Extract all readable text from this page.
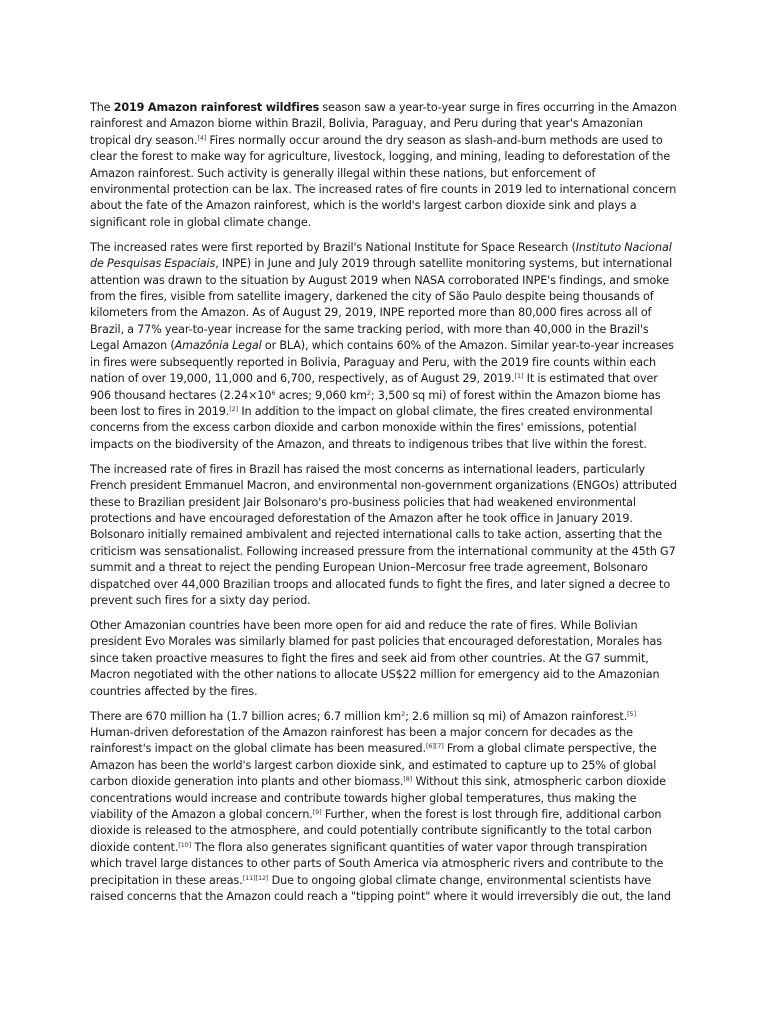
The 2019 Amazon rainforest wildfires season saw a year-to-year surge in fires occurring in the Amazon rainforest and Amazon biome within Brazil, Bolivia, Paraguay, and Peru during that year's Amazonian tropical dry season.[4] Fires normally occur around the dry season as slash-and-burn methods are used to clear the forest to make way for agriculture, livestock, logging, and mining, leading to deforestation of the Amazon rainforest. Such activity is generally illegal within these nations, but enforcement of environmental protection can be lax. The increased rates of fire counts in 2019 led to international concern about the fate of the Amazon rainforest, which is the world's largest carbon dioxide sink and plays a significant role in global climate change.

The increased rates were first reported by Brazil's National Institute for Space Research (Instituto Nacional de Pesquisas Espaciais, INPE) in June and July 2019 through satellite monitoring systems, but international attention was drawn to the situation by August 2019 when NASA corroborated INPE's findings, and smoke from the fires, visible from satellite imagery, darkened the city of São Paulo despite being thousands of kilometers from the Amazon. As of August 29, 2019, INPE reported more than 80,000 fires across all of Brazil, a 77% year-to-year increase for the same tracking period, with more than 40,000 in the Brazil's Legal Amazon (Amazônia Legal or BLA), which contains 60% of the Amazon. Similar year-to-year increases in fires were subsequently reported in Bolivia, Paraguay and Peru, with the 2019 fire counts within each nation of over 19,000, 11,000 and 6,700, respectively, as of August 29, 2019.[1] It is estimated that over 906 thousand hectares ($2.24\times 10^6$ acres; 9,060 $km^2$; 3,500 sq mi) of forest within the Amazon biome has been lost to fires in 2019.[2] In addition to the impact on global climate, the fires created environmental concerns from the excess carbon dioxide and carbon monoxide within the fires' emissions, potential impacts on the biodiversity of the Amazon, and threats to indigenous tribes that live within the forest.

The increased rate of fires in Brazil has raised the most concerns as international leaders, particularly French president Emmanuel Macron, and environmental non-government organizations (ENGOs) attributed these to Brazilian president Jair Bolsonaro's pro-business policies that had weakened environmental protections and have encouraged deforestation of the Amazon after he took office in January 2019. Bolsonaro initially remained ambivalent and rejected international calls to take action, asserting that the criticism was sensationalist. Following increased pressure from the international community at the 45th G7 summit and a threat to reject the pending European Union–Mercosur free trade agreement, Bolsonaro dispatched over 44,000 Brazilian troops and allocated funds to fight the fires, and later signed a decree to prevent such fires for a sixty day period.

Other Amazonian countries have been more open for aid and reduce the rate of fires. While Bolivian president Evo Morales was similarly blamed for past policies that encouraged deforestation, Morales has since taken proactive measures to fight the fires and seek aid from other countries. At the G7 summit, Macron negotiated with the other nations to allocate US$22 million for emergency aid to the Amazonian countries affected by the fires.

There are 670 million ha (1.7 billion acres; 6.7 million $km^2$; 2.6 million sq mi) of Amazon rainforest.[5] Human-driven deforestation of the Amazon rainforest has been a major concern for decades as the rainforest's impact on the global climate has been measured.[6][7] From a global climate perspective, the Amazon has been the world's largest carbon dioxide sink, and estimated to capture up to 25% of global carbon dioxide generation into plants and other biomass.[8] Without this sink, atmospheric carbon dioxide concentrations would increase and contribute towards higher global temperatures, thus making the viability of the Amazon a global concern.[9] Further, when the forest is lost through fire, additional carbon dioxide is released to the atmosphere, and could potentially contribute significantly to the total carbon dioxide content.[10] The flora also generates significant quantities of water vapor through transpiration which travel large distances to other parts of South America via atmospheric rivers and contribute to the precipitation in these areas.[11][12] Due to ongoing global climate change, environmental scientists have raised concerns that the Amazon could reach a "tipping point" where it would irreversibly die out, the land
